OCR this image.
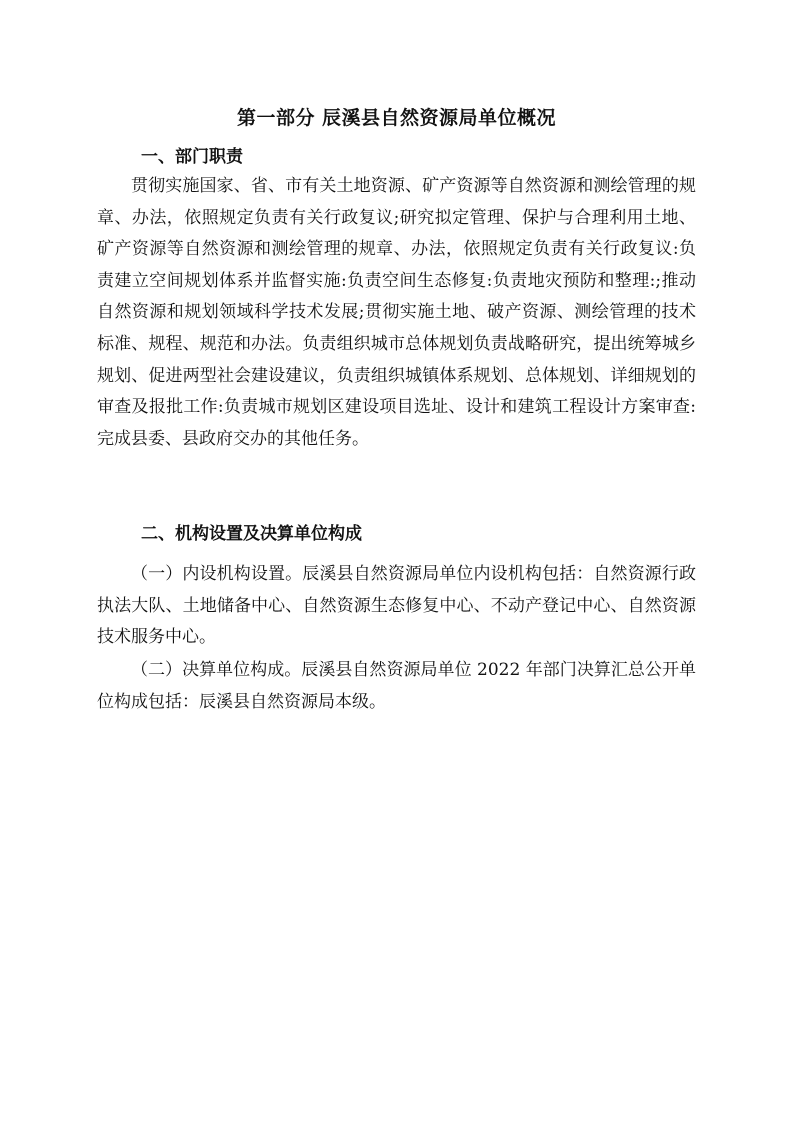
第一部分 辰溪县自然资源局单位概况
一、部门职责

贯彻实施国家、省、市有关土地资源、矿产资源等自然资源和测绘管理的规章、办法，依照规定负责有关行政复议;研究拟定管理、保护与合理利用土地、矿产资源等自然资源和测绘管理的规章、办法，依照规定负责有关行政复议:负责建立空间规划体系并监督实施:负责空间生态修复:负责地灾预防和整理:;推动自然资源和规划领域科学技术发展;贯彻实施土地、破产资源、测绘管理的技术标准、规程、规范和办法。负责组织城市总体规划负责战略研究，提出统筹城乡规划、促进两型社会建设建议，负责组织城镇体系规划、总体规划、详细规划的审查及报批工作:负责城市规划区建设项目选址、设计和建筑工程设计方案审查:完成县委、县政府交办的其他任务。

二、机构设置及决算单位构成

（一）内设机构设置。辰溪县自然资源局单位内设机构包括：自然资源行政执法大队、土地储备中心、自然资源生态修复中心、不动产登记中心、自然资源技术服务中心。

（二）决算单位构成。辰溪县自然资源局单位 2022 年部门决算汇总公开单位构成包括：辰溪县自然资源局本级。
